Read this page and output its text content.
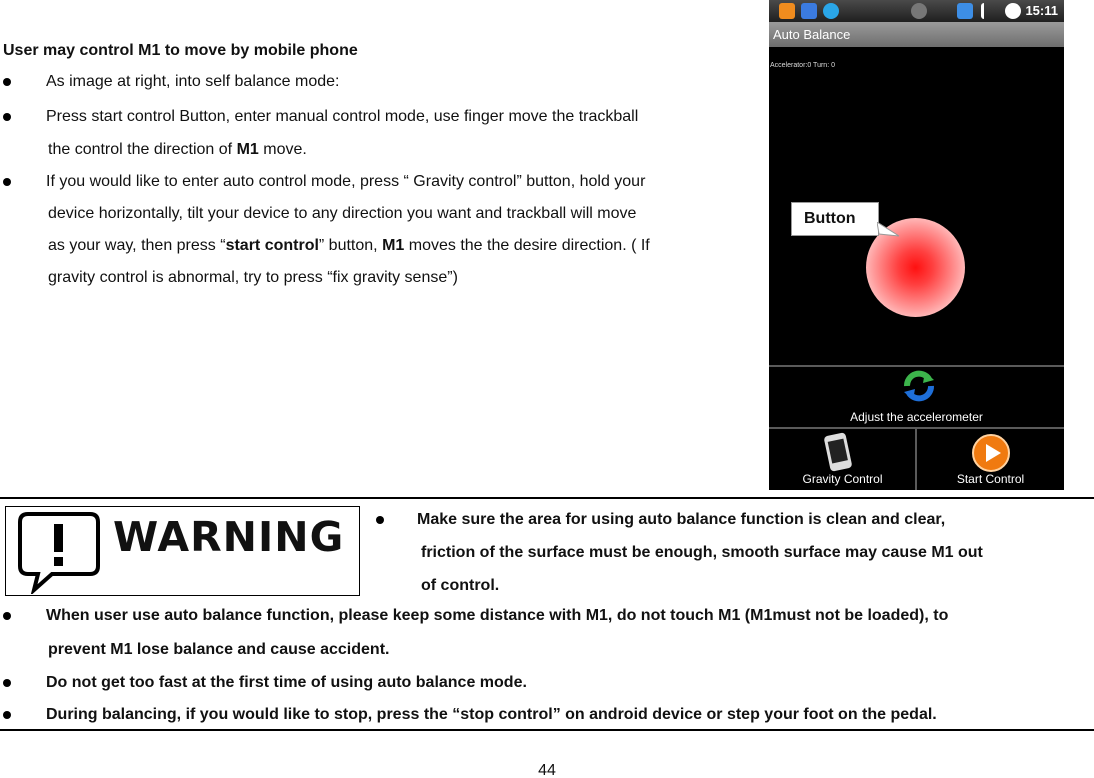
User may control M1 to move by mobile phone
As image at right, into self balance mode:
Press start control Button, enter manual control mode, use finger move the trackball
the control the direction of M1 move.
If you would like to enter auto control mode, press “ Gravity control” button, hold your
device horizontally, tilt your device to any direction you want and trackball will move
as your way, then press “start control” button, M1 moves the the desire direction. ( If
gravity control is abnormal, try to press “fix gravity sense”)
15:11
Auto Balance
Accelerator:0 Turn: 0
Button
Adjust the accelerometer
Gravity Control	Start Control
WARNING	Make sure the area for using auto balance function is clean and clear,
friction of the surface must be enough, smooth surface may cause M1 out
of control.
When user use auto balance function, please keep some distance with M1, do not touch M1 (M1must not be loaded), to
prevent M1 lose balance and cause accident.
Do not get too fast at the first time of using auto balance mode.
During balancing, if you would like to stop, press the “stop control” on android device or step your foot on the pedal.
44
